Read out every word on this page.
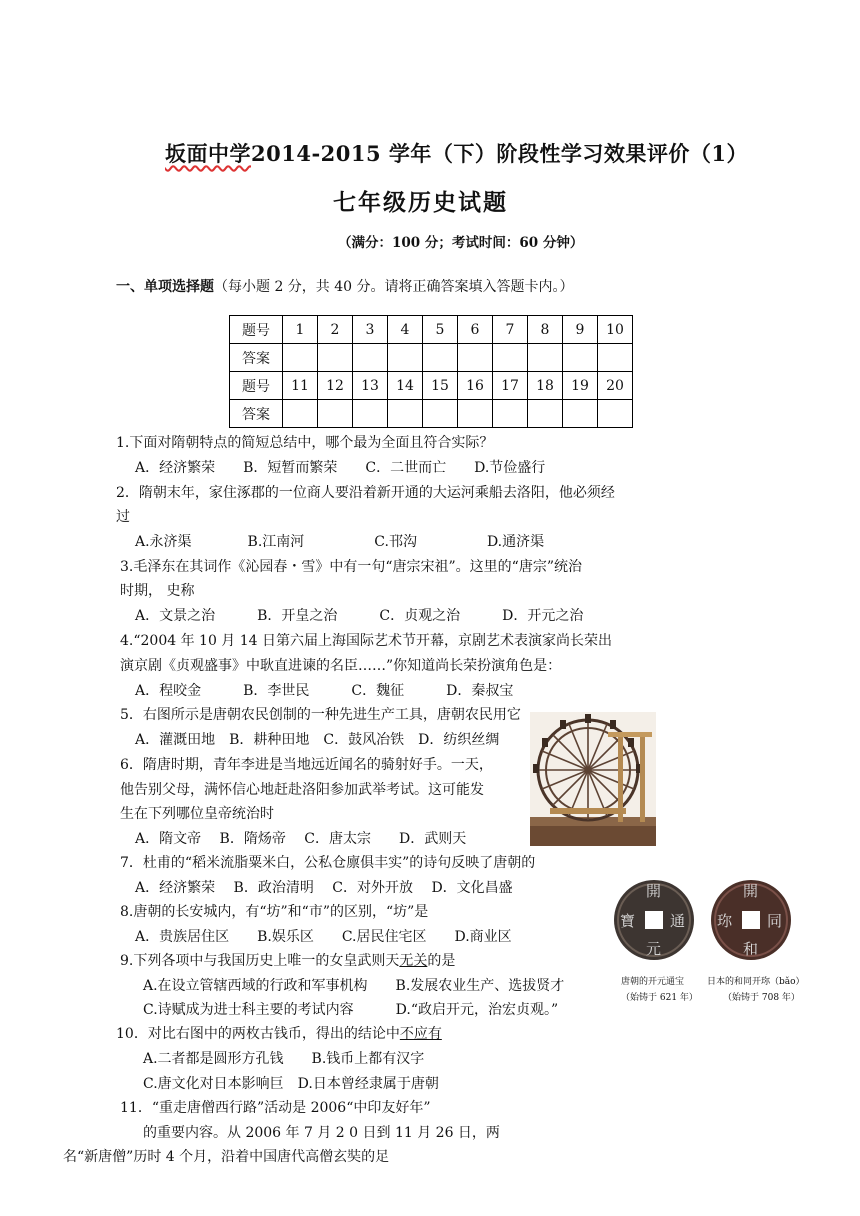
坂面中学2014-2015 学年（下）阶段性学习效果评价（1）
七年级历史试题
（满分：100 分；考试时间：60 分钟）
一、单项选择题（每小题 2 分，共 40 分。请将正确答案填入答题卡内。）
题号	1	2	3	4	5	6	7	8	9	10
答案										
题号	11	12	13	14	15	16	17	18	19	20
答案										
1.下面对隋朝特点的简短总结中，哪个最为全面且符合实际？
A．经济繁荣　　B．短暂而繁荣　　C．二世而亡　　D.节俭盛行
2．隋朝末年，家住涿郡的一位商人要沿着新开通的大运河乘船去洛阳，他必须经
过
A.永济渠　　　　B.江南河　　　　　C.邗沟　　　　　D.通济渠
3.毛泽东在其词作《沁园春・雪》中有一句“唐宗宋祖”。这里的“唐宗”统治
时期， 史称
A．文景之治　　　B．开皇之治　　　C．贞观之治　　　D．开元之治
4.“2004 年 10 月 14 日第六届上海国际艺术节开幕，京剧艺术表演家尚长荣出
演京剧《贞观盛事》中耿直进谏的名臣……”你知道尚长荣扮演角色是：
A．程咬金　　　B．李世民　　　C．魏征　　　D．秦叔宝
5．右图所示是唐朝农民创制的一种先进生产工具，唐朝农民用它
A．灌溉田地　B．耕种田地　C．鼓风冶铁　D．纺织丝绸
6．隋唐时期，青年李进是当地远近闻名的骑射好手。一天，
他告别父母，满怀信心地赶赴洛阳参加武举考试。这可能发
生在下列哪位皇帝统治时
A．隋文帝　 B．隋炀帝　 C．唐太宗　　D．武则天
7．杜甫的“稻米流脂粟米白，公私仓廪俱丰实”的诗句反映了唐朝的
A．经济繁荣　 B．政治清明　 C．对外开放　 D．文化昌盛
8.唐朝的长安城内，有“坊”和“市”的区别，“坊”是
A．贵族居住区　　B.娱乐区　　C.居民住宅区　　D.商业区
9.下列各项中与我国历史上唯一的女皇武则天无关的是
A.在设立管辖西域的行政和军事机构　　B.发展农业生产、选拔贤才
C.诗赋成为进士科主要的考试内容　　　D.“政启开元，治宏贞观。”
10．对比右图中的两枚古钱币，得出的结论中不应有
A.二者都是圆形方孔钱　　B.钱币上都有汉字
C.唐文化对日本影响巨　D.日本曾经隶属于唐朝
11．“重走唐僧西行路”活动是 2006“中印友好年”
的重要内容。从 2006 年 7 月 2 0 日到 11 月 26 日，两
名“新唐僧”历时 4 个月，沿着中国唐代高僧玄奘的足
開
寶 通
元
開
珎 同
和
唐朝的开元通宝
（始铸于 621 年）
日本的和同开珎（bǎo）
（始铸于 708 年）
